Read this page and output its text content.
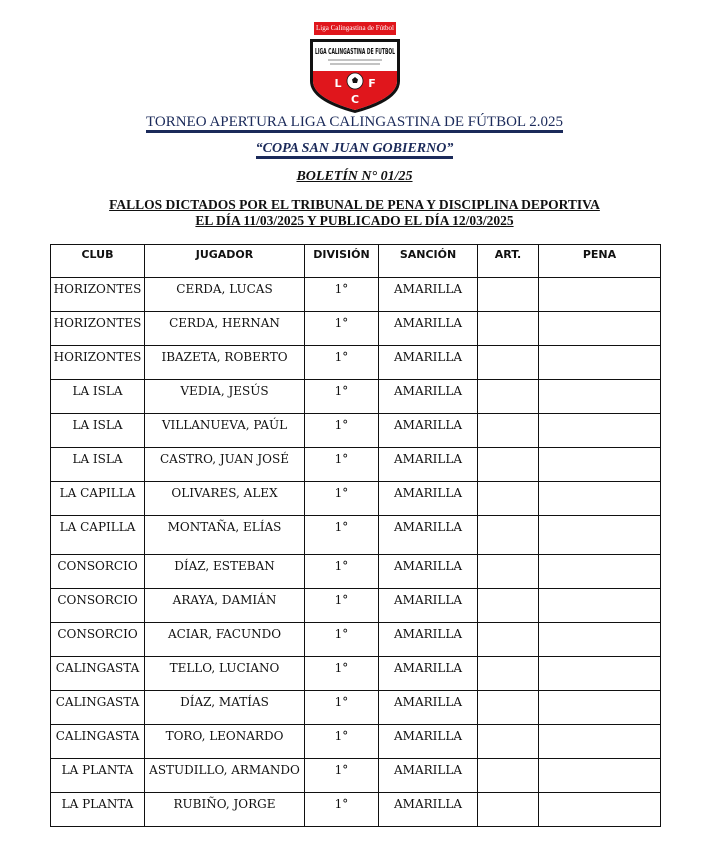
Liga Calingastina de Fútbol
LIGA CALINGASTINA DE FUTBOL
L F
C
TORNEO APERTURA LIGA CALINGASTINA DE FÚTBOL 2.025
“COPA SAN JUAN GOBIERNO”
BOLETÍN N° 01/25
FALLOS DICTADOS POR EL TRIBUNAL DE PENA Y DISCIPLINA DEPORTIVA
EL DÍA 11/03/2025 Y PUBLICADO EL DÍA 12/03/2025
CLUB	JUGADOR	DIVISIÓN	SANCIÓN	ART.	PENA
HORIZONTES	CERDA, LUCAS	1°	AMARILLA		
HORIZONTES	CERDA, HERNAN	1°	AMARILLA		
HORIZONTES	IBAZETA, ROBERTO	1°	AMARILLA		
LA ISLA	VEDIA, JESÚS	1°	AMARILLA		
LA ISLA	VILLANUEVA, PAÚL	1°	AMARILLA		
LA ISLA	CASTRO, JUAN JOSÉ	1°	AMARILLA		
LA CAPILLA	OLIVARES, ALEX	1°	AMARILLA		
LA CAPILLA	MONTAÑA, ELÍAS	1°	AMARILLA		
CONSORCIO	DÍAZ, ESTEBAN	1°	AMARILLA		
CONSORCIO	ARAYA, DAMIÁN	1°	AMARILLA		
CONSORCIO	ACIAR, FACUNDO	1°	AMARILLA		
CALINGASTA	TELLO, LUCIANO	1°	AMARILLA		
CALINGASTA	DÍAZ, MATÍAS	1°	AMARILLA		
CALINGASTA	TORO, LEONARDO	1°	AMARILLA		
LA PLANTA	ASTUDILLO, ARMANDO	1°	AMARILLA		
LA PLANTA	RUBIÑO, JORGE	1°	AMARILLA		
